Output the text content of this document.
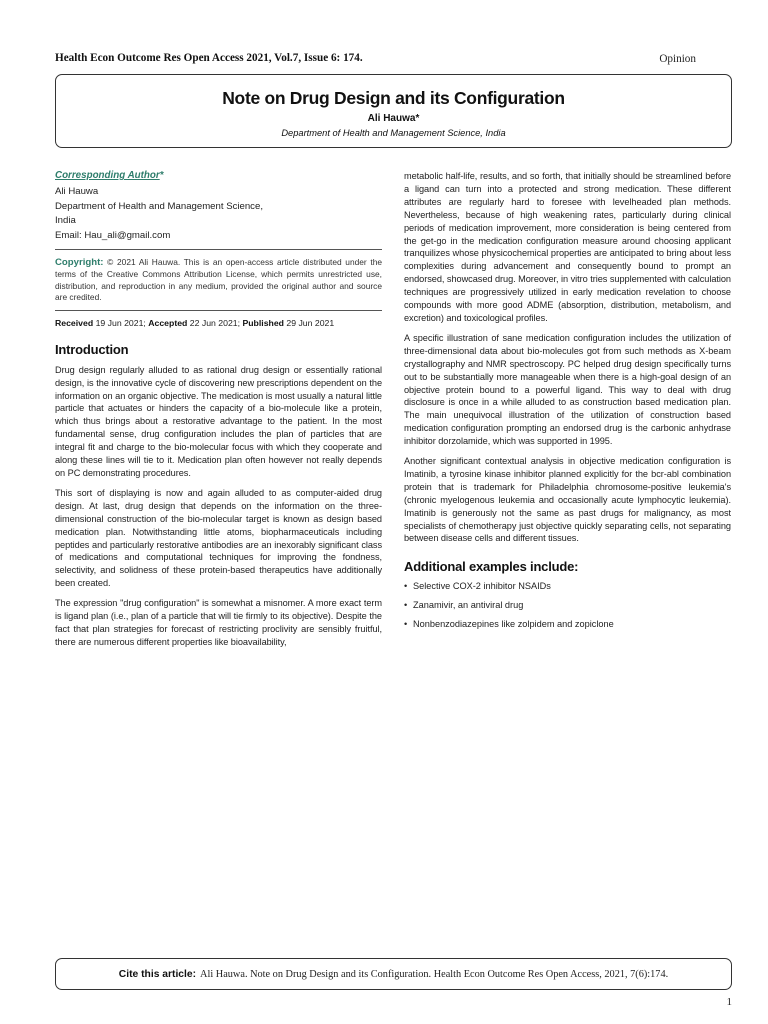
Health Econ Outcome Res Open Access 2021, Vol.7, Issue 6: 174.	Opinion
Note on Drug Design and its Configuration
Ali Hauwa*
Department of Health and Management Science, India
Corresponding Author*
Ali Hauwa
Department of Health and Management Science,
India
Email: Hau_ali@gmail.com
Copyright: © 2021 Ali Hauwa. This is an open-access article distributed under the terms of the Creative Commons Attribution License, which permits unrestricted use, distribution, and reproduction in any medium, provided the original author and source are credited.
Received 19 Jun 2021; Accepted 22 Jun 2021; Published 29 Jun 2021
Introduction

Drug design regularly alluded to as rational drug design or essentially rational design, is the innovative cycle of discovering new prescriptions dependent on the information on an organic objective. The medication is most usually a natural little particle that actuates or hinders the capacity of a bio-molecule like a protein, which thus brings about a restorative advantage to the patient. In the most fundamental sense, drug configuration includes the plan of particles that are integral fit and charge to the bio-molecular focus with which they cooperate and along these lines will tie to it. Medication plan often however not really depends on PC demonstrating procedures.

This sort of displaying is now and again alluded to as computer-aided drug design. At last, drug design that depends on the information on the three-dimensional construction of the bio-molecular target is known as design based medication plan. Notwithstanding little atoms, biopharmaceuticals including peptides and particularly restorative antibodies are an inexorably significant class of medications and computational techniques for improving the fondness, selectivity, and solidness of these protein-based therapeutics have additionally been created.

The expression "drug configuration" is somewhat a misnomer. A more exact term is ligand plan (i.e., plan of a particle that will tie firmly to its objective). Despite the fact that plan strategies for forecast of restricting proclivity are sensibly fruitful, there are numerous different properties like bioavailability,

metabolic half-life, results, and so forth, that initially should be streamlined before a ligand can turn into a protected and strong medication. These different attributes are regularly hard to foresee with levelheaded plan methods. Nevertheless, because of high weakening rates, particularly during clinical periods of medication improvement, more consideration is being centered from the get-go in the medication configuration measure around choosing applicant tranquilizes whose physicochemical properties are anticipated to bring about less complexities during advancement and consequently bound to prompt an endorsed, showcased drug. Moreover, in vitro tries supplemented with calculation techniques are progressively utilized in early medication revelation to choose compounds with more good ADME (absorption, distribution, metabolism, and excretion) and toxicological profiles.

A specific illustration of sane medication configuration includes the utilization of three-dimensional data about bio-molecules got from such methods as X-beam crystallography and NMR spectroscopy. PC helped drug design specifically turns out to be substantially more manageable when there is a high-goal design of an objective protein bound to a powerful ligand. This way to deal with drug disclosure is once in a while alluded to as construction based medication plan. The main unequivocal illustration of the utilization of construction based medication configuration prompting an endorsed drug is the carbonic anhydrase inhibitor dorzolamide, which was supported in 1995.

Another significant contextual analysis in objective medication configuration is Imatinib, a tyrosine kinase inhibitor planned explicitly for the bcr-abl combination protein that is trademark for Philadelphia chromosome-positive leukemia's (chronic myelogenous leukemia and occasionally acute lymphocytic leukemia). Imatinib is generously not the same as past drugs for malignancy, as most specialists of chemotherapy just objective quickly separating cells, not separating between disease cells and different tissues.

Additional examples include:
• Selective COX-2 inhibitor NSAIDs
• Zanamivir, an antiviral drug
• Nonbenzodiazepines like zolpidem and zopiclone
Cite this article: Ali Hauwa. Note on Drug Design and its Configuration. Health Econ Outcome Res Open Access, 2021, 7(6):174.
1
